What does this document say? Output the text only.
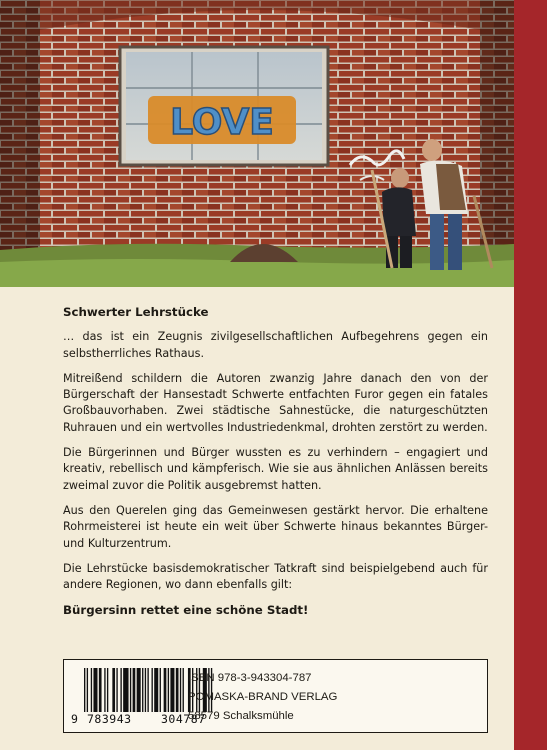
LOVE

Schwerter Lehrstücke

… das ist ein Zeugnis zivilgesellschaftlichen Aufbegehrens gegen ein selbstherrliches Rathaus.

Mitreißend schildern die Autoren zwanzig Jahre danach den von der Bürgerschaft der Hansestadt Schwerte entfachten Furor gegen ein fatales Großbauvorhaben. Zwei städtische Sahnestücke, die naturgeschützten Ruhrauen und ein wertvolles Industriedenkmal, drohten zerstört zu werden.

Die Bürgerinnen und Bürger wussten es zu verhindern – engagiert und kreativ, rebellisch und kämpferisch. Wie sie aus ähnlichen Anlässen bereits zweimal zuvor die Politik ausgebremst hatten.

Aus den Querelen ging das Gemeinwesen gestärkt hervor. Die erhaltene Rohrmeisterei ist heute ein weit über Schwerte hinaus bekanntes Bürger- und Kulturzentrum.

Die Lehrstücke basisdemokratischer Tatkraft sind beispielgebend auch für andere Regionen, wo dann ebenfalls gilt:

Bürgersinn rettet eine schöne Stadt!

9 783943	304787
ISBN 978-3-943304-787
POMASKA-BRAND VERLAG
58579 Schalksmühle
